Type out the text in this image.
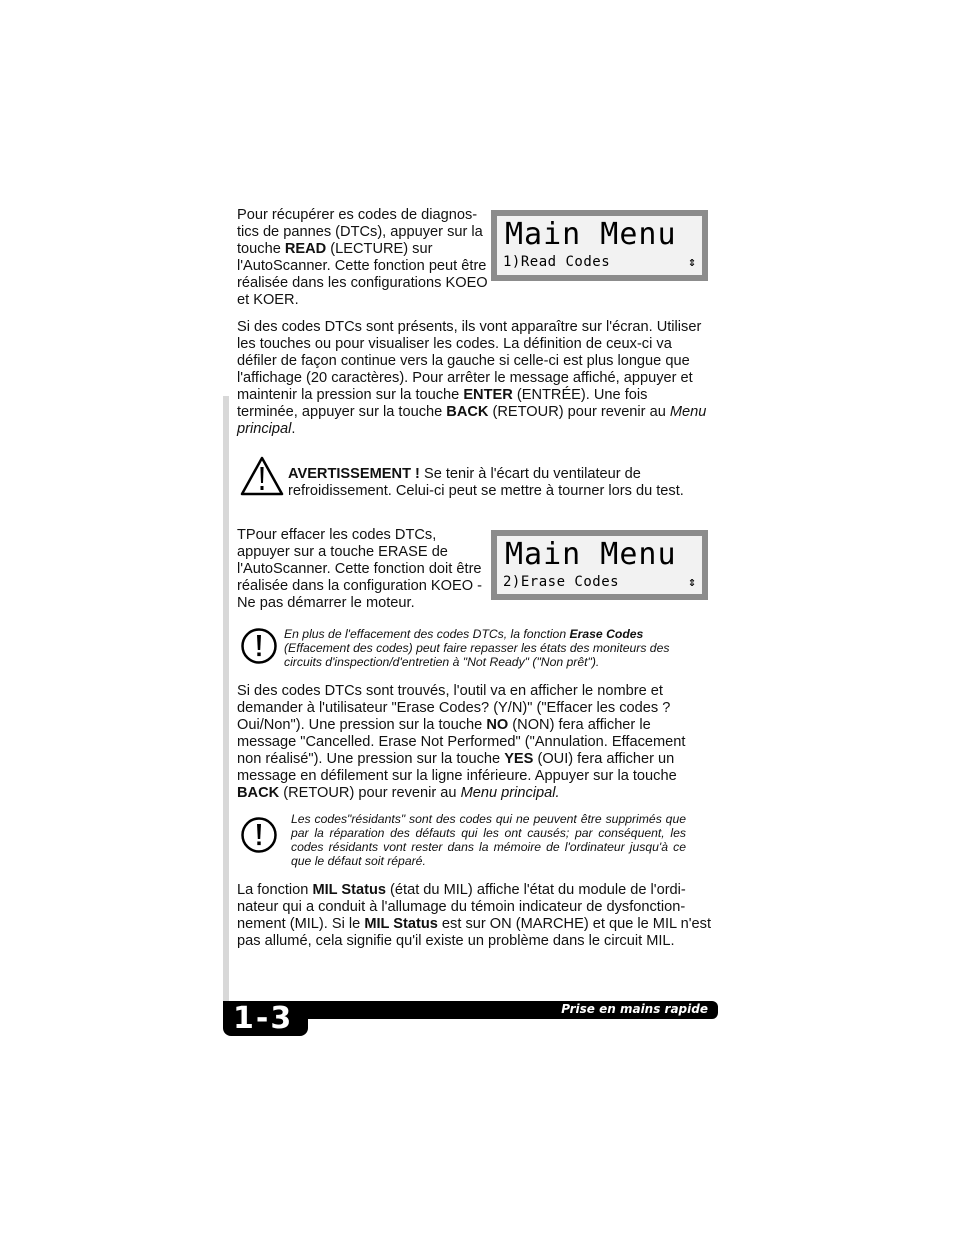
Pour récupérer es codes de diagnos-tics de pannes (DTCs), appuyer sur la touche READ (LECTURE) sur l'AutoScanner. Cette fonction peut être réalisée dans les configurations KOEO et KOER.

Main Menu
1)Read Codes	⇕

Si des codes DTCs sont présents, ils vont apparaître sur l'écran. Utiliser les touches ou pour visualiser les codes. La définition de ceux-ci va défiler de façon continue vers la gauche si celle-ci est plus longue que l'affichage (20 caractères). Pour arrêter le message affiché, appuyer et maintenir la pression sur la touche ENTER (ENTRÉE). Une fois terminée, appuyer sur la touche BACK (RETOUR) pour revenir au Menu principal.

AVERTISSEMENT ! Se tenir à l'écart du ventilateur de refroidissement. Celui-ci peut se mettre à tourner lors du test.

TPour effacer les codes DTCs, appuyer sur a touche ERASE de l'AutoScanner. Cette fonction doit être réalisée dans la configuration KOEO - Ne pas démarrer le moteur.

Main Menu
2)Erase Codes	⇕

En plus de l'effacement des codes DTCs, la fonction Erase Codes (Effacement des codes) peut faire repasser les états des moniteurs des circuits d'inspection/d'entretien à "Not Ready" ("Non prêt").

Si des codes DTCs sont trouvés, l'outil va en afficher le nombre et demander à l'utilisateur "Erase Codes? (Y/N)" ("Effacer les codes ? Oui/Non"). Une pression sur la touche NO (NON) fera afficher le message "Cancelled. Erase Not Performed" ("Annulation. Effacement non réalisé"). Une pression sur la touche YES (OUI) fera afficher un message en défilement sur la ligne inférieure. Appuyer sur la touche BACK (RETOUR) pour revenir au Menu principal.

Les codes"résidants" sont des codes qui ne peuvent être supprimés que par la réparation des défauts qui les ont causés; par conséquent, les codes résidants vont rester dans la mémoire de l'ordinateur jusqu'à ce que le défaut soit réparé.

La fonction MIL Status (état du MIL) affiche l'état du module de l'ordi-nateur qui a conduit à l'allumage du témoin indicateur de dysfonction-nement (MIL). Si le MIL Status est sur ON (MARCHE) et que le MIL n'est pas allumé, cela signifie qu'il existe un problème dans le circuit MIL.

Prise en mains rapide
1-3
